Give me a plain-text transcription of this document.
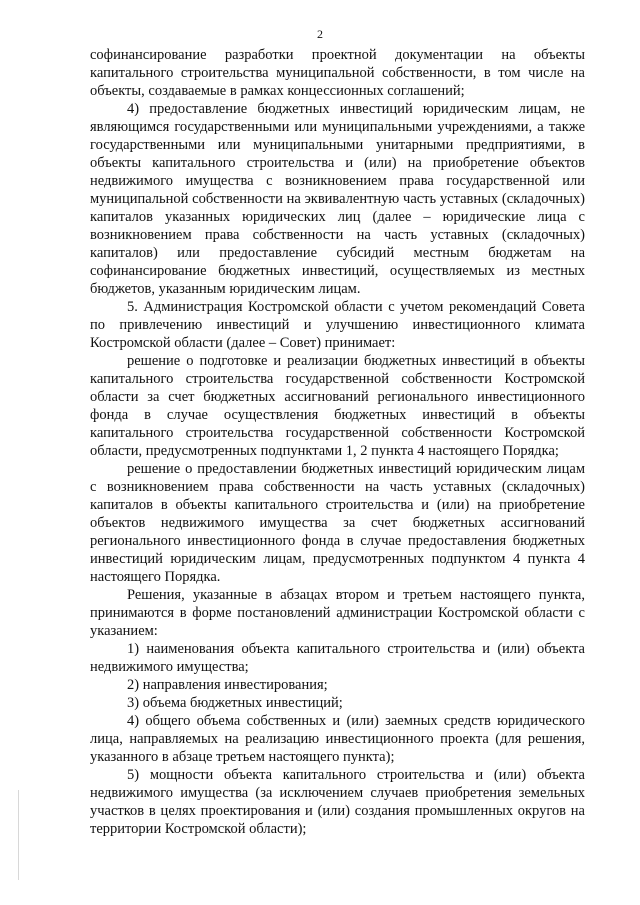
2

софинансирование разработки проектной документации на объекты капитального строительства муниципальной собственности, в том числе на объекты, создаваемые в рамках концессионных соглашений;

4) предоставление бюджетных инвестиций юридическим лицам, не являющимся государственными или муниципальными учреждениями, а также государственными или муниципальными унитарными предприятиями, в объекты капитального строительства и (или) на приобретение объектов недвижимого имущества с возникновением права государственной или муниципальной собственности на эквивалентную часть уставных (складочных) капиталов указанных юридических лиц (далее – юридические лица с возникновением права собственности на часть уставных (складочных) капиталов) или предоставление субсидий местным бюджетам на софинансирование бюджетных инвестиций, осуществляемых из местных бюджетов, указанным юридическим лицам.

5. Администрация Костромской области с учетом рекомендаций Совета по привлечению инвестиций и улучшению инвестиционного климата Костромской области (далее – Совет) принимает:

решение о подготовке и реализации бюджетных инвестиций в объекты капитального строительства государственной собственности Костромской области за счет бюджетных ассигнований регионального инвестиционного фонда в случае осуществления бюджетных инвестиций в объекты капитального строительства государственной собственности Костромской области, предусмотренных подпунктами 1, 2 пункта 4 настоящего Порядка;

решение о предоставлении бюджетных инвестиций юридическим лицам с возникновением права собственности на часть уставных (складочных) капиталов в объекты капитального строительства и (или) на приобретение объектов недвижимого имущества за счет бюджетных ассигнований регионального инвестиционного фонда в случае предоставления бюджетных инвестиций юридическим лицам, предусмотренных подпунктом 4 пункта 4 настоящего Порядка.

Решения, указанные в абзацах втором и третьем настоящего пункта, принимаются в форме постановлений администрации Костромской области с указанием:

1) наименования объекта капитального строительства и (или) объекта недвижимого имущества;

2) направления инвестирования;

3) объема бюджетных инвестиций;

4) общего объема собственных и (или) заемных средств юридического лица, направляемых на реализацию инвестиционного проекта (для решения, указанного в абзаце третьем настоящего пункта);

5) мощности объекта капитального строительства и (или) объекта недвижимого имущества (за исключением случаев приобретения земельных участков в целях проектирования и (или) создания промышленных округов на территории Костромской области);
